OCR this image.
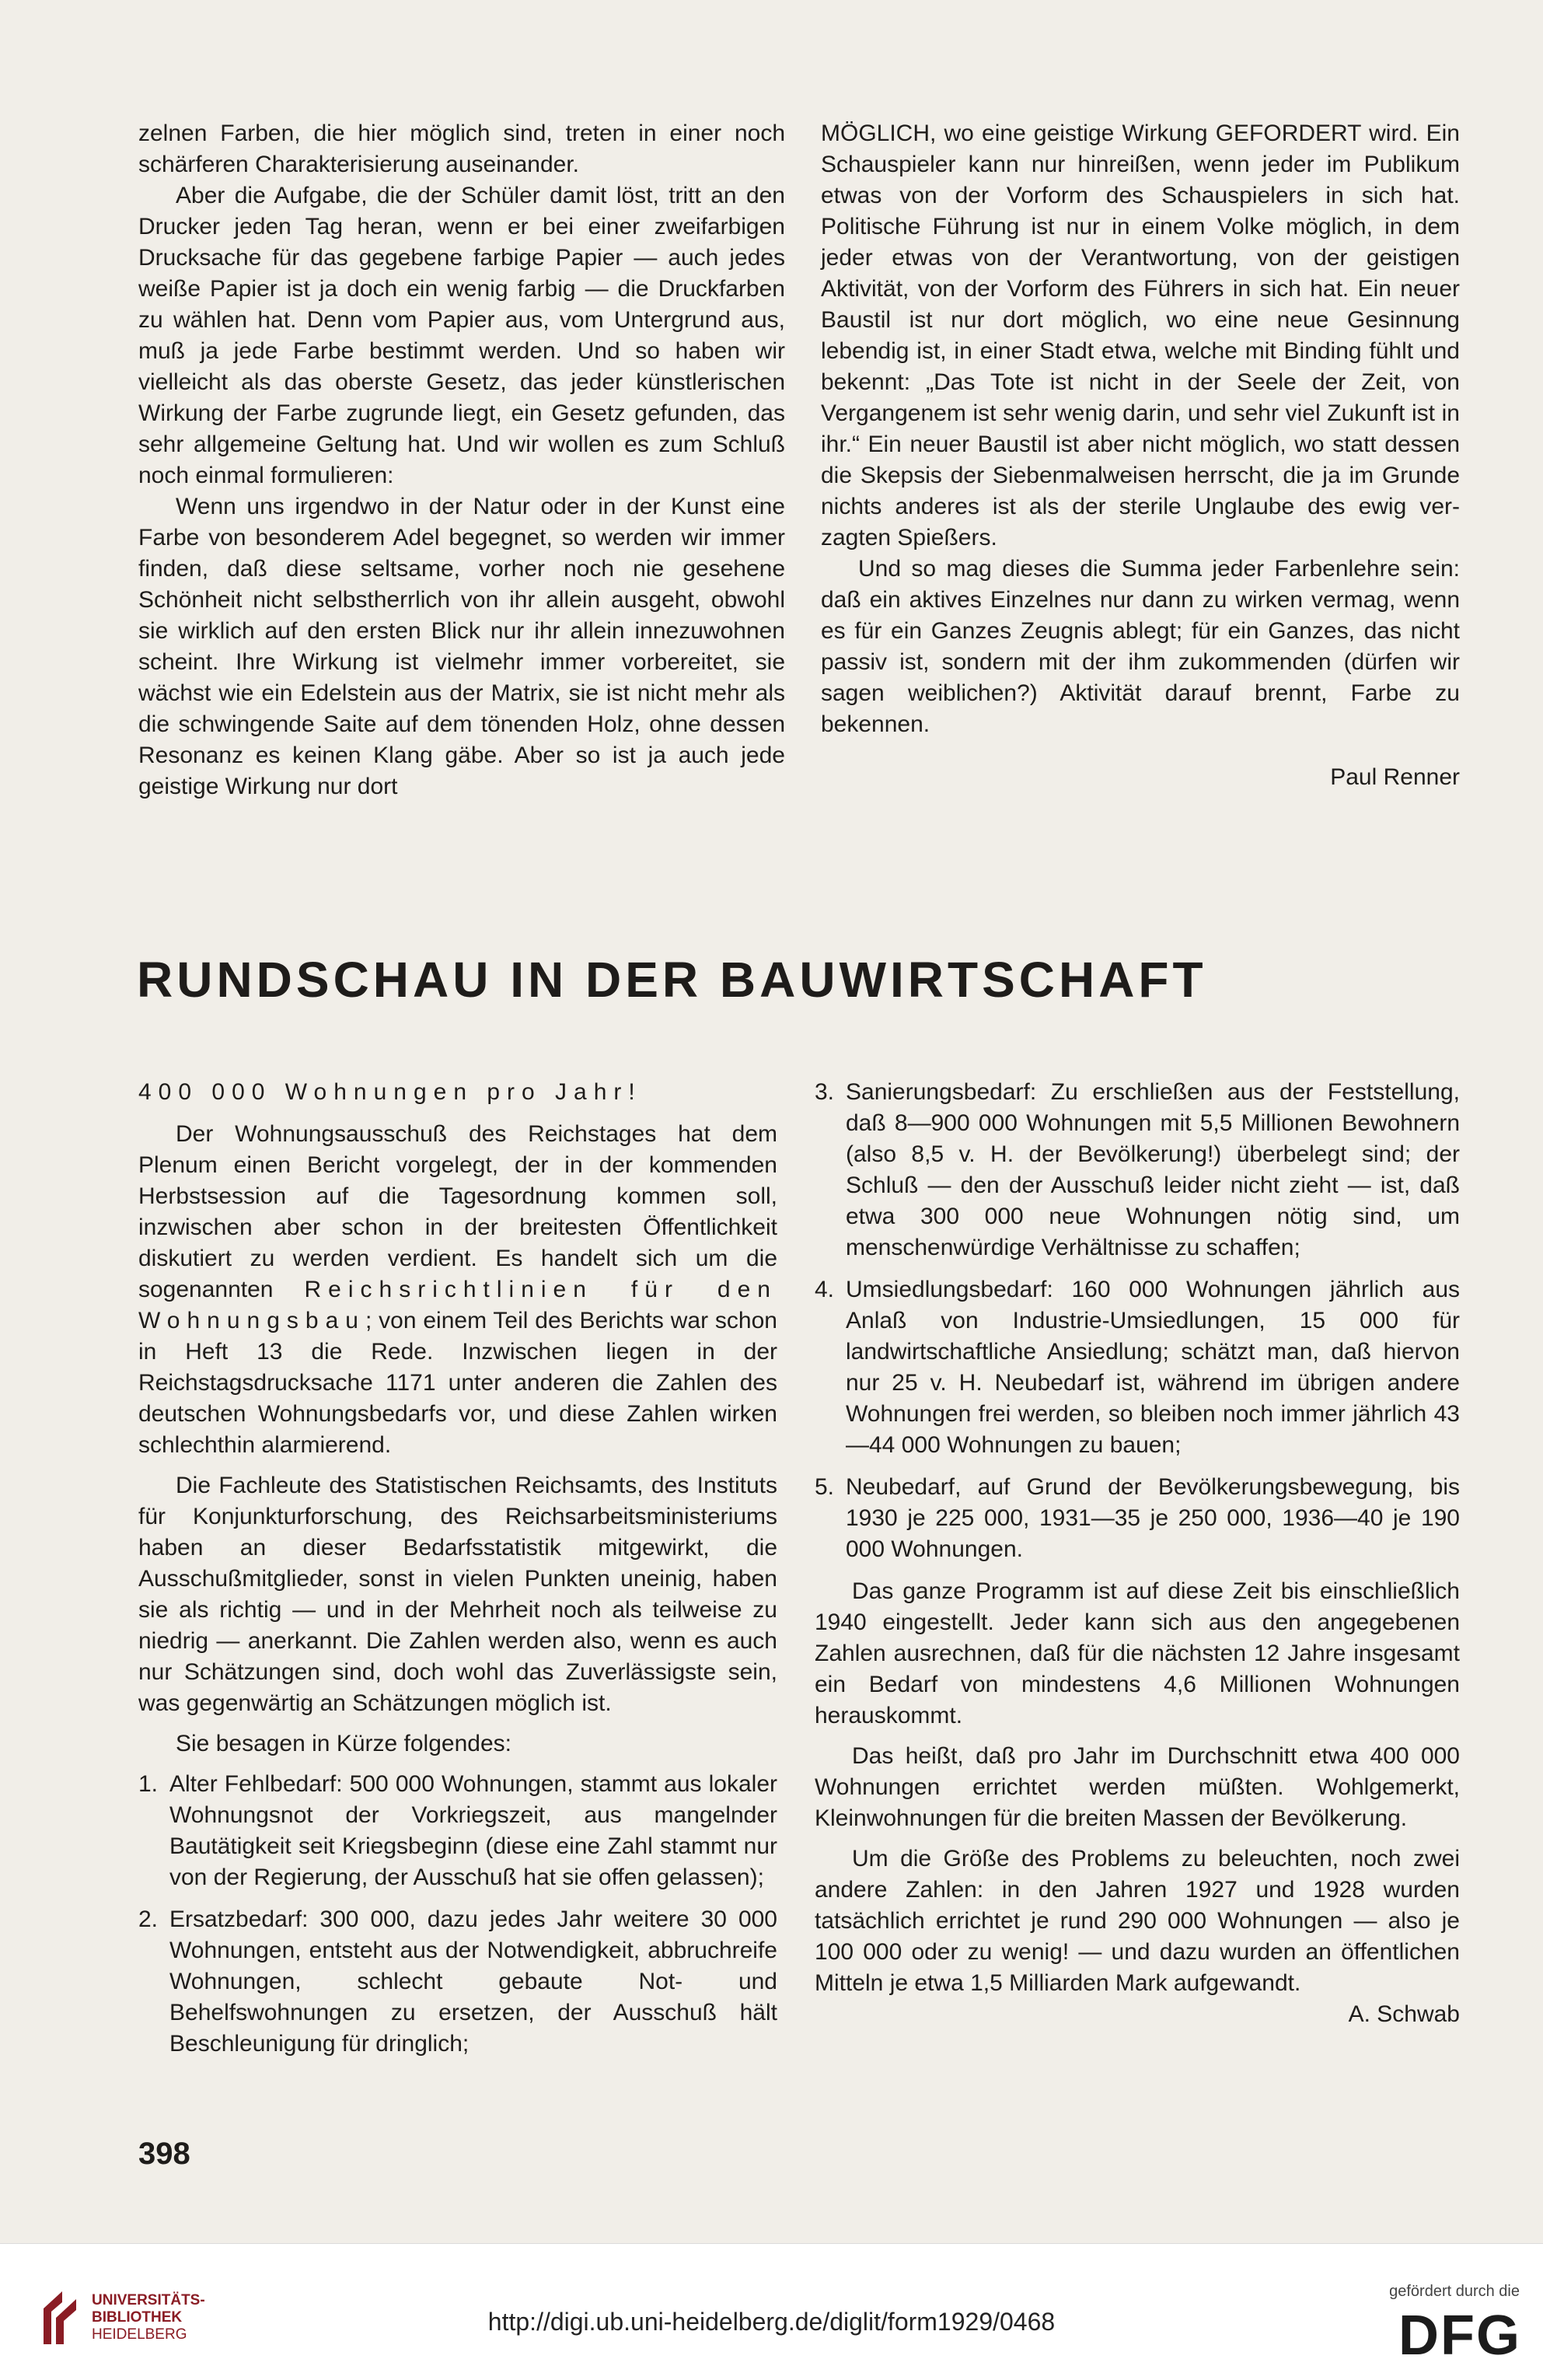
zelnen Farben, die hier möglich sind, treten in einer noch schärferen Charakterisierung auseinander.

Aber die Aufgabe, die der Schüler damit löst, tritt an den Drucker jeden Tag heran, wenn er bei einer zweifarbigen Drucksache für das gegebene farbige Papier — auch jedes weiße Papier ist ja doch ein wenig farbig — die Druckfarben zu wählen hat. Denn vom Papier aus, vom Untergrund aus, muß ja jede Farbe bestimmt werden. Und so haben wir vielleicht als das oberste Gesetz, das jeder künstlerischen Wirkung der Farbe zugrunde liegt, ein Gesetz gefunden, das sehr allgemeine Geltung hat. Und wir wollen es zum Schluß noch einmal formulieren:

Wenn uns irgendwo in der Natur oder in der Kunst eine Farbe von besonderem Adel begegnet, so werden wir immer finden, daß diese seltsame, vorher noch nie gesehene Schönheit nicht selbstherrlich von ihr allein ausgeht, obwohl sie wirklich auf den ersten Blick nur ihr allein innezuwohnen scheint. Ihre Wirkung ist vielmehr immer vorbereitet, sie wächst wie ein Edelstein aus der Matrix, sie ist nicht mehr als die schwingende Saite auf dem tönenden Holz, ohne dessen Resonanz es keinen Klang gäbe. Aber so ist ja auch jede geistige Wirkung nur dort

MÖGLICH, wo eine geistige Wirkung GEFORDERT wird. Ein Schauspieler kann nur hinreißen, wenn jeder im Publikum etwas von der Vorform des Schauspielers in sich hat. Politische Führung ist nur in einem Volke möglich, in dem jeder etwas von der Verantwortung, von der geistigen Aktivität, von der Vorform des Führers in sich hat. Ein neuer Baustil ist nur dort möglich, wo eine neue Gesinnung lebendig ist, in einer Stadt etwa, welche mit Binding fühlt und bekennt: „Das Tote ist nicht in der Seele der Zeit, von Vergangenem ist sehr wenig darin, und sehr viel Zukunft ist in ihr.“ Ein neuer Baustil ist aber nicht möglich, wo statt dessen die Skepsis der Siebenmalweisen herrscht, die ja im Grunde nichts anderes ist als der sterile Unglaube des ewig verzagten Spießers.

Und so mag dieses die Summa jeder Farbenlehre sein: daß ein aktives Einzelnes nur dann zu wirken vermag, wenn es für ein Ganzes Zeugnis ablegt; für ein Ganzes, das nicht passiv ist, sondern mit der ihm zukommenden (dürfen wir sagen weiblichen?) Aktivität darauf brennt, Farbe zu bekennen.

Paul Renner

RUNDSCHAU IN DER BAUWIRTSCHAFT

400 000 Wohnungen pro Jahr!

Der Wohnungsausschuß des Reichstages hat dem Plenum einen Bericht vorgelegt, der in der kommenden Herbstsession auf die Tagesordnung kommen soll, inzwischen aber schon in der breitesten Öffentlichkeit diskutiert zu werden verdient. Es handelt sich um die sogenannten Reichsrichtlinien für den Wohnungsbau; von einem Teil des Berichts war schon in Heft 13 die Rede. Inzwischen liegen in der Reichstagsdrucksache 1171 unter anderen die Zahlen des deutschen Wohnungsbedarfs vor, und diese Zahlen wirken schlechthin alarmierend.

Die Fachleute des Statistischen Reichsamts, des Instituts für Konjunkturforschung, des Reichsarbeitsministeriums haben an dieser Bedarfsstatistik mitgewirkt, die Ausschußmitglieder, sonst in vielen Punkten uneinig, haben sie als richtig — und in der Mehrheit noch als teilweise zu niedrig — anerkannt. Die Zahlen werden also, wenn es auch nur Schätzungen sind, doch wohl das Zuverlässigste sein, was gegenwärtig an Schätzungen möglich ist.

Sie besagen in Kürze folgendes:

1. Alter Fehlbedarf: 500 000 Wohnungen, stammt aus lokaler Wohnungsnot der Vorkriegszeit, aus mangelnder Bautätigkeit seit Kriegsbeginn (diese eine Zahl stammt nur von der Regierung, der Ausschuß hat sie offen gelassen);
2. Ersatzbedarf: 300 000, dazu jedes Jahr weitere 30 000 Wohnungen, entsteht aus der Notwendigkeit, abbruchreife Wohnungen, schlecht gebaute Not- und Behelfswohnungen zu ersetzen, der Ausschuß hält Beschleunigung für dringlich;
3. Sanierungsbedarf: Zu erschließen aus der Feststellung, daß 8—900 000 Wohnungen mit 5,5 Millionen Bewohnern (also 8,5 v. H. der Bevölkerung!) überbelegt sind; der Schluß — den der Ausschuß leider nicht zieht — ist, daß etwa 300 000 neue Wohnungen nötig sind, um menschenwürdige Verhältnisse zu schaffen;
4. Umsiedlungsbedarf: 160 000 Wohnungen jährlich aus Anlaß von Industrie-Umsiedlungen, 15 000 für landwirtschaftliche Ansiedlung; schätzt man, daß hiervon nur 25 v. H. Neubedarf ist, während im übrigen andere Wohnungen frei werden, so bleiben noch immer jährlich 43—44 000 Wohnungen zu bauen;
5. Neubedarf, auf Grund der Bevölkerungsbewegung, bis 1930 je 225 000, 1931—35 je 250 000, 1936—40 je 190 000 Wohnungen.

Das ganze Programm ist auf diese Zeit bis einschließlich 1940 eingestellt. Jeder kann sich aus den angegebenen Zahlen ausrechnen, daß für die nächsten 12 Jahre insgesamt ein Bedarf von mindestens 4,6 Millionen Wohnungen herauskommt.

Das heißt, daß pro Jahr im Durchschnitt etwa 400 000 Wohnungen errichtet werden müßten. Wohlgemerkt, Kleinwohnungen für die breiten Massen der Bevölkerung.

Um die Größe des Problems zu beleuchten, noch zwei andere Zahlen: in den Jahren 1927 und 1928 wurden tatsächlich errichtet je rund 290 000 Wohnungen — also je 100 000 oder zu wenig! — und dazu wurden an öffentlichen Mitteln je etwa 1,5 Milliarden Mark aufgewandt.

A. Schwab

398
UNIVERSITÄTS-
BIBLIOTHEK
HEIDELBERG	http://digi.ub.uni-heidelberg.de/diglit/form1929/0468
gefördert durch die
DFG
